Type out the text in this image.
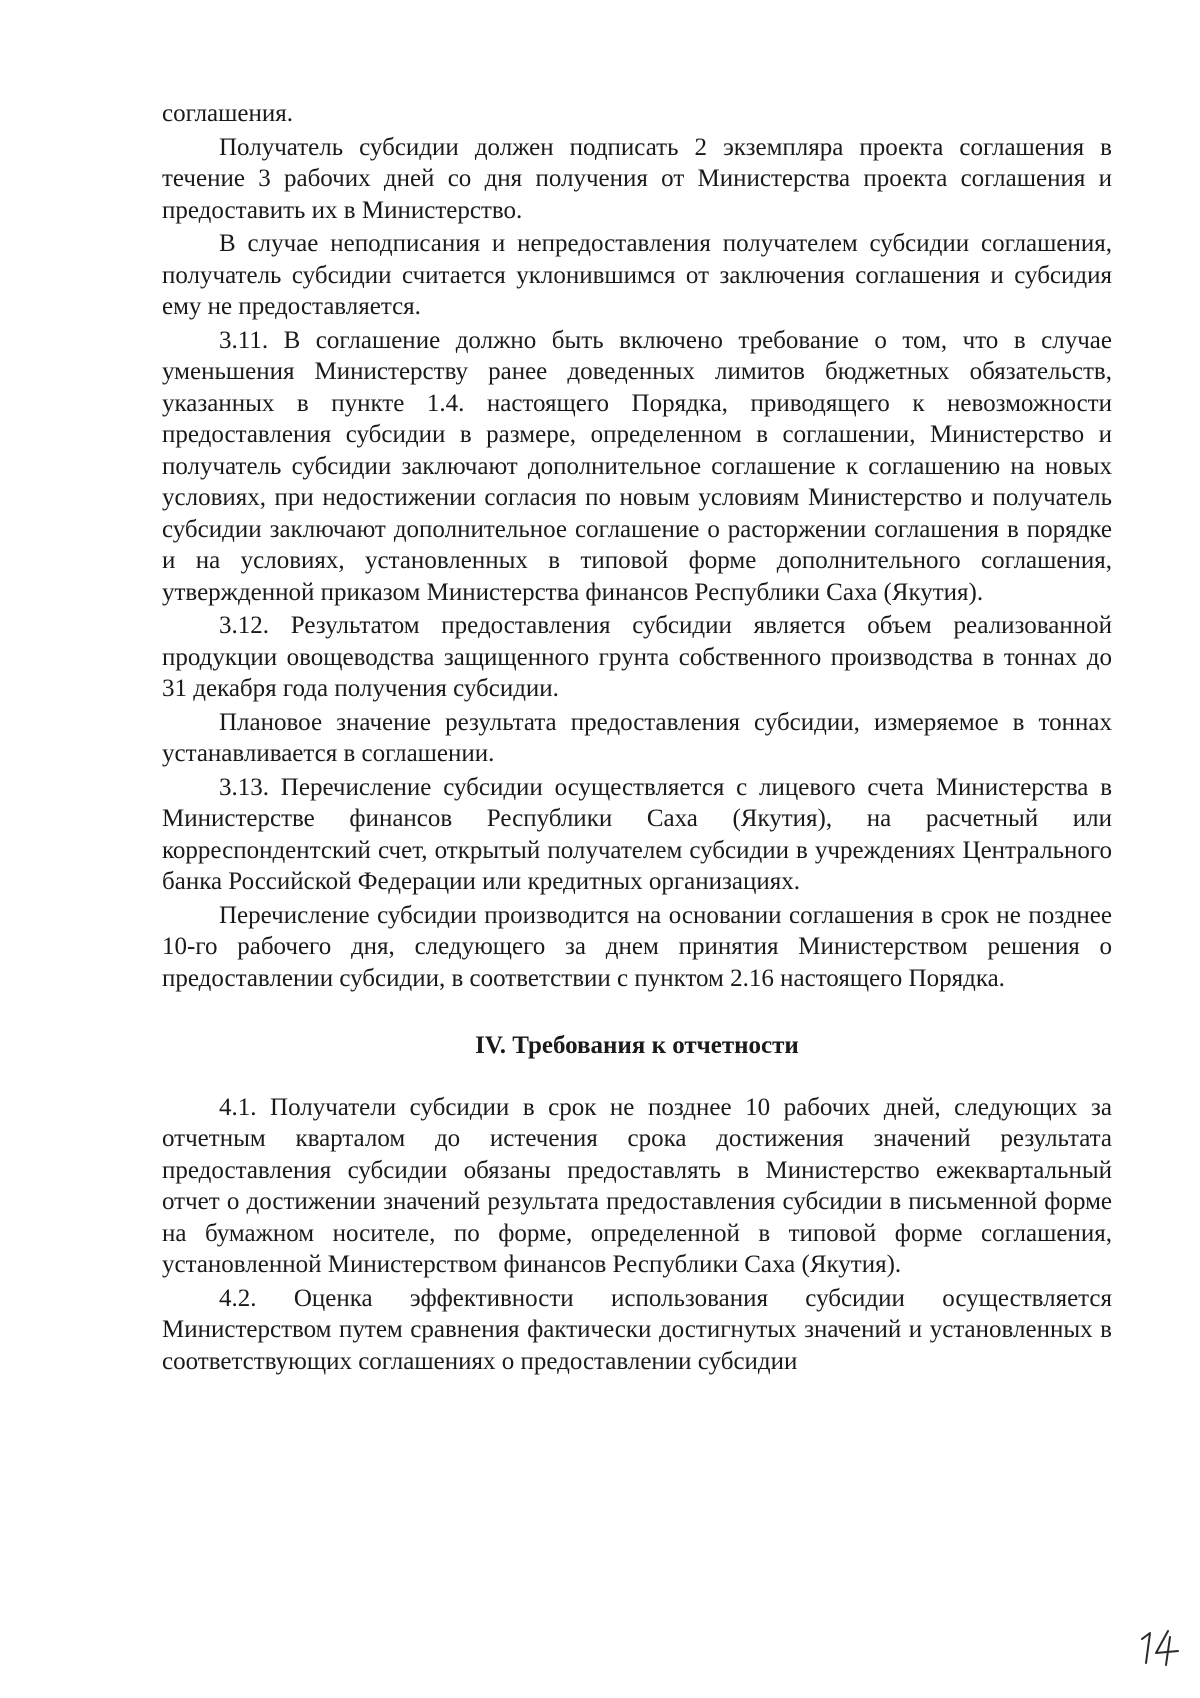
соглашения.

Получатель субсидии должен подписать 2 экземпляра проекта соглашения в течение 3 рабочих дней со дня получения от Министерства проекта соглашения и предоставить их в Министерство.

В случае неподписания и непредоставления получателем субсидии соглашения, получатель субсидии считается уклонившимся от заключения соглашения и субсидия ему не предоставляется.

3.11. В соглашение должно быть включено требование о том, что в случае уменьшения Министерству ранее доведенных лимитов бюджетных обязательств, указанных в пункте 1.4. настоящего Порядка, приводящего к невозможности предоставления субсидии в размере, определенном в соглашении, Министерство и получатель субсидии заключают дополнительное соглашение к соглашению на новых условиях, при недостижении согласия по новым условиям Министерство и получатель субсидии заключают дополнительное соглашение о расторжении соглашения в порядке и на условиях, установленных в типовой форме дополнительного соглашения, утвержденной приказом Министерства финансов Республики Саха (Якутия).

3.12. Результатом предоставления субсидии является объем реализованной продукции овощеводства защищенного грунта собственного производства в тоннах до 31 декабря года получения субсидии.

Плановое значение результата предоставления субсидии, измеряемое в тоннах устанавливается в соглашении.

3.13. Перечисление субсидии осуществляется с лицевого счета Министерства в Министерстве финансов Республики Саха (Якутия), на расчетный или корреспондентский счет, открытый получателем субсидии в учреждениях Центрального банка Российской Федерации или кредитных организациях.

Перечисление субсидии производится на основании соглашения в срок не позднее 10-го рабочего дня, следующего за днем принятия Министерством решения о предоставлении субсидии, в соответствии с пунктом 2.16 настоящего Порядка.

IV. Требования к отчетности

4.1. Получатели субсидии в срок не позднее 10 рабочих дней, следующих за отчетным кварталом до истечения срока достижения значений результата предоставления субсидии обязаны предоставлять в Министерство ежеквартальный отчет о достижении значений результата предоставления субсидии в письменной форме на бумажном носителе, по форме, определенной в типовой форме соглашения, установленной Министерством финансов Республики Саха (Якутия).

4.2. Оценка эффективности использования субсидии осуществляется Министерством путем сравнения фактически достигнутых значений и установленных в соответствующих соглашениях о предоставлении субсидии
